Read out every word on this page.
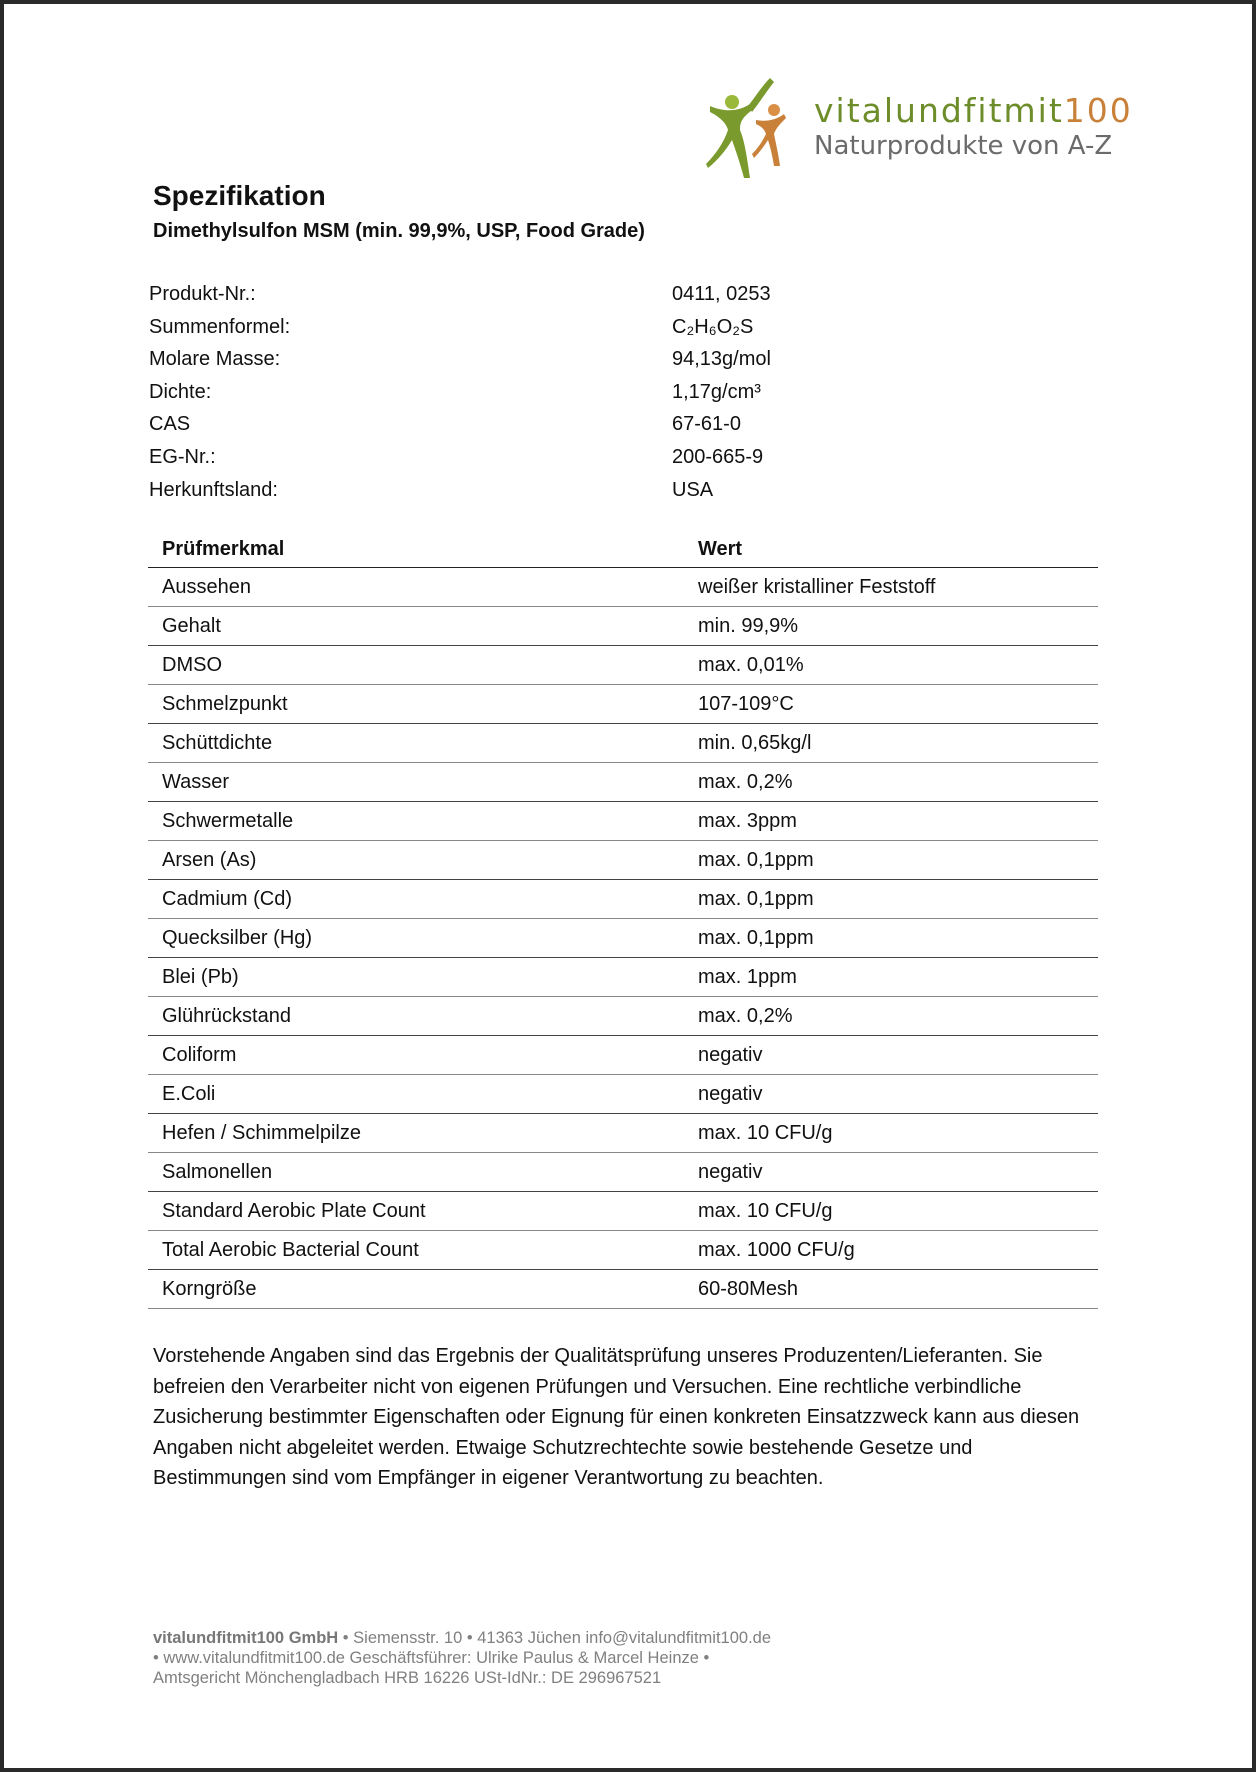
vitalundfitmit100
Naturprodukte von A-Z
Spezifikation
Dimethylsulfon MSM (min. 99,9%, USP, Food Grade)
Produkt-Nr.:	0411, 0253
Summenformel:	C₂H₆O₂S
Molare Masse:	94,13g/mol
Dichte:	1,17g/cm³
CAS	67-61-0
EG-Nr.:	200-665-9
Herkunftsland:	USA
Prüfmerkmal	Wert
Aussehen	weißer kristalliner Feststoff
Gehalt	min. 99,9%
DMSO	max. 0,01%
Schmelzpunkt	107-109°C
Schüttdichte	min. 0,65kg/l
Wasser	max. 0,2%
Schwermetalle	max. 3ppm
Arsen (As)	max. 0,1ppm
Cadmium (Cd)	max. 0,1ppm
Quecksilber (Hg)	max. 0,1ppm
Blei (Pb)	max. 1ppm
Glührückstand	max. 0,2%
Coliform	negativ
E.Coli	negativ
Hefen / Schimmelpilze	max. 10 CFU/g
Salmonellen	negativ
Standard Aerobic Plate Count	max. 10 CFU/g
Total Aerobic Bacterial Count	max. 1000 CFU/g
Korngröße	60-80Mesh
Vorstehende Angaben sind das Ergebnis der Qualitätsprüfung unseres Produzenten/Lieferanten. Sie befreien den Verarbeiter nicht von eigenen Prüfungen und Versuchen. Eine rechtliche verbindliche Zusicherung bestimmter Eigenschaften oder Eignung für einen konkreten Einsatzzweck kann aus diesen Angaben nicht abgeleitet werden. Etwaige Schutzrechtechte sowie bestehende Gesetze und Bestimmungen sind vom Empfänger in eigener Verantwortung zu beachten.
vitalundfitmit100 GmbH • Siemensstr. 10 • 41363 Jüchen info@vitalundfitmit100.de
• www.vitalundfitmit100.de Geschäftsführer: Ulrike Paulus & Marcel Heinze •
Amtsgericht Mönchengladbach HRB 16226 USt-IdNr.: DE 296967521
